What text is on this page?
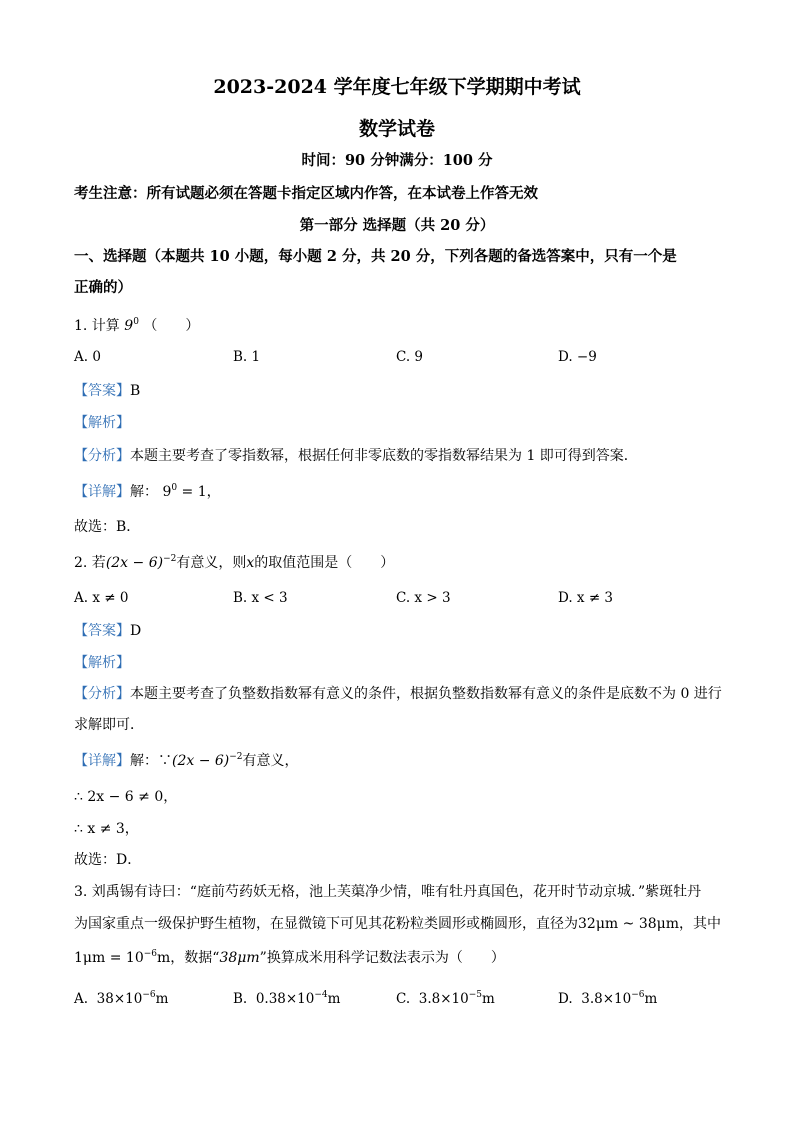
2023-2024 学年度七年级下学期期中考试
数学试卷
时间：90 分钟满分：100 分
考生注意：所有试题必须在答题卡指定区域内作答，在本试卷上作答无效
第一部分 选择题（共 20 分）
一、选择题（本题共 10 小题，每小题 2 分，共 20 分，下列各题的备选答案中，只有一个是
正确的）
1. 计算 $9^0$ （　　）
A. 0	B. 1	C. 9	D. −9
【答案】B
【解析】
【分析】本题主要考查了零指数幂，根据任何非零底数的零指数幂结果为 1 即可得到答案．
【详解】解： $9^0 = 1$，
故选：B．
2. 若$(2x - 6)^{-2}$有意义，则x的取值范围是（　　）
A. x ≠ 0	B. x < 3	C. x > 3	D. x ≠ 3
【答案】D
【解析】
【分析】本题主要考查了负整数指数幂有意义的条件，根据负整数指数幂有意义的条件是底数不为 0 进行
求解即可．
【详解】解：∵(2x − 6)$^{-2}$有意义，
∴ 2x − 6 ≠ 0，
∴ x ≠ 3，
故选：D．
3. 刘禹锡有诗曰：“庭前芍药妖无格，池上芙蕖净少情，唯有牡丹真国色，花开时节动京城．”紫斑牡丹
为国家重点一级保护野生植物，在显微镜下可见其花粉粒类圆形或椭圆形，直径为32μm ~ 38μm，其中
$1\mu m = 10^{-6}m$，数据“38μm”换算成米用科学记数法表示为（　　）
A. $38\times 10^{-6}m$	B. $0.38\times 10^{-4}m$	C. $3.8\times 10^{-5}m$	D. $3.8\times 10^{-6}m$
